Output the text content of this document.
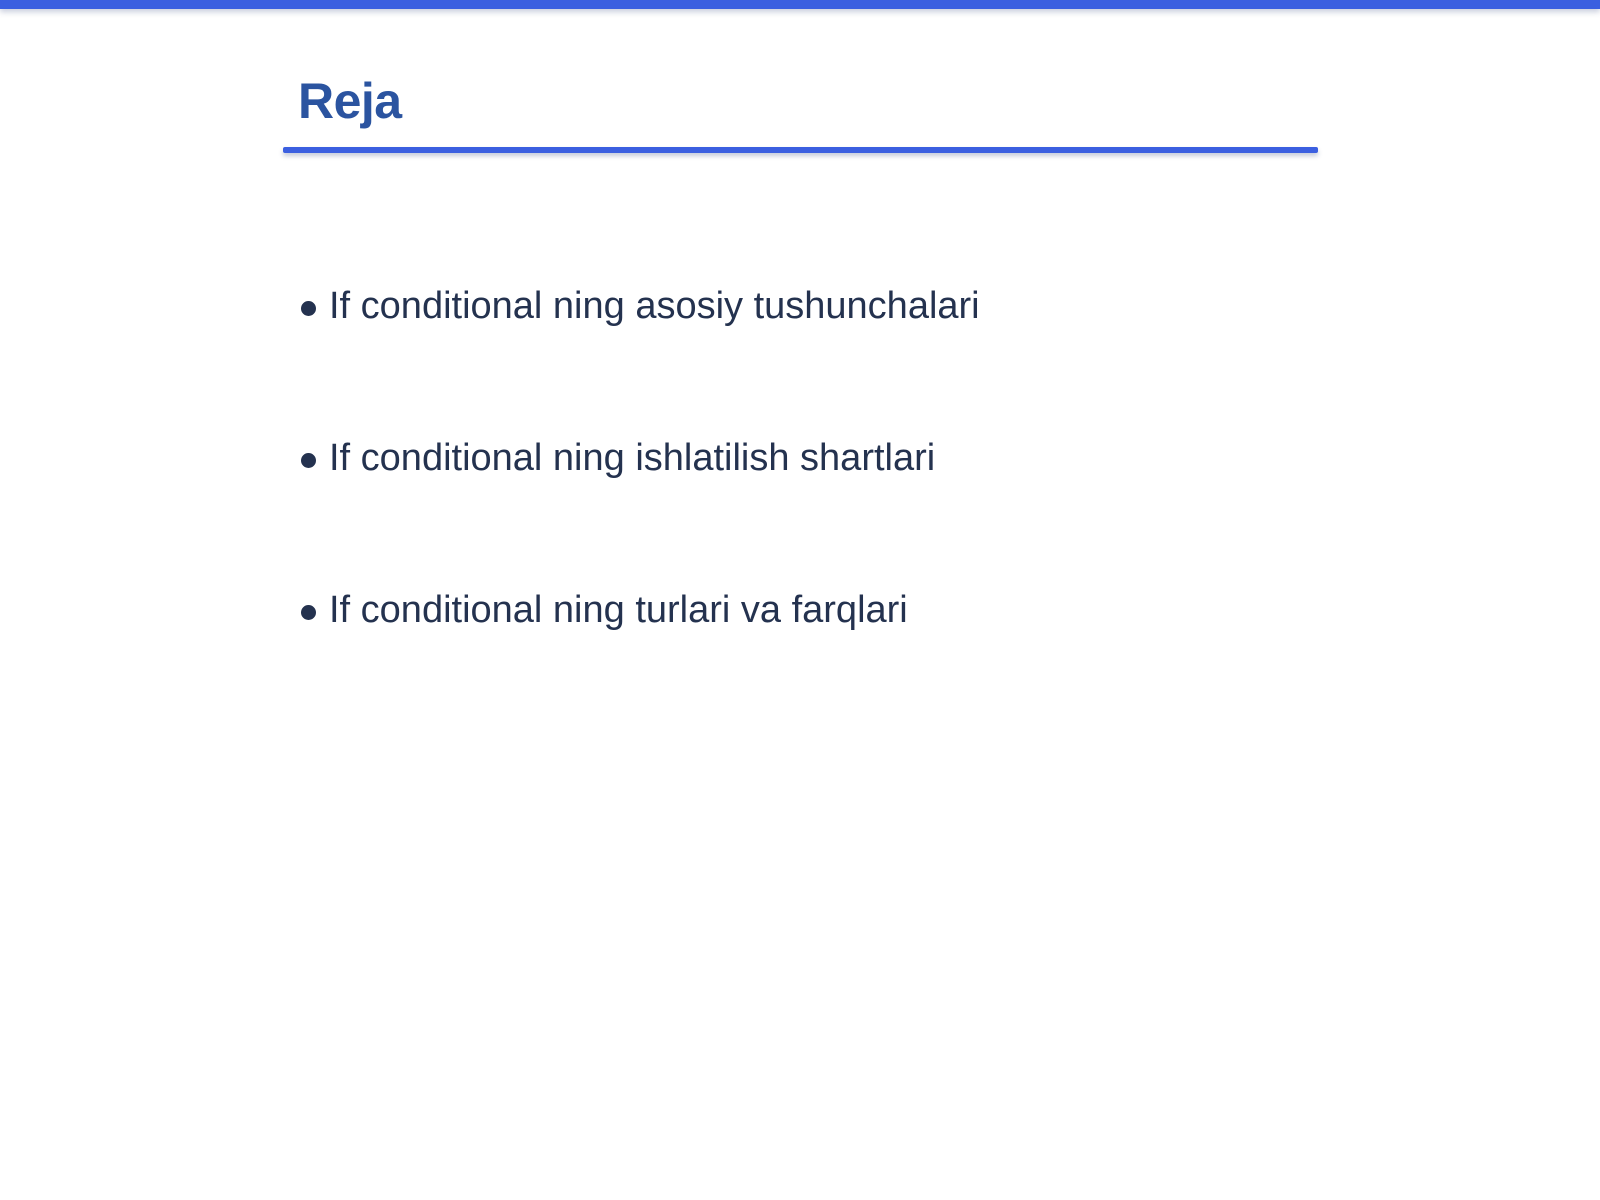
Reja
If conditional ning asosiy tushunchalari
If conditional ning ishlatilish shartlari
If conditional ning turlari va farqlari
